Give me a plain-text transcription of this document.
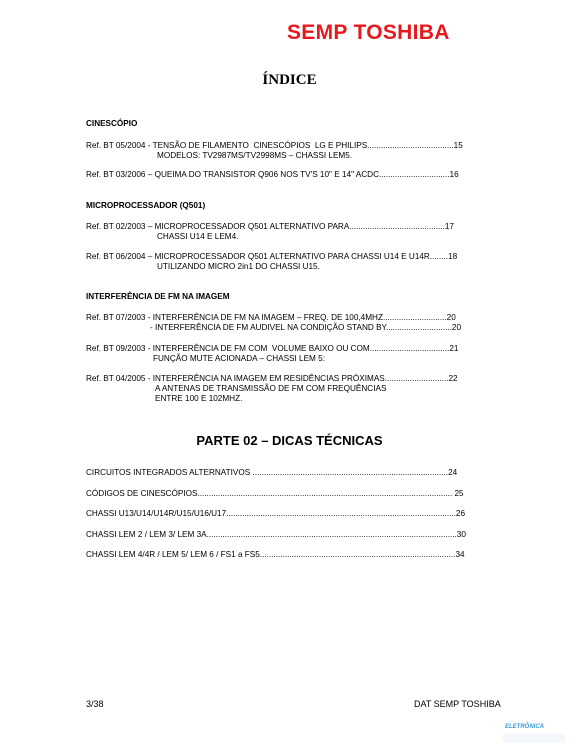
SEMP TOSHIBA
ÍNDICE
CINESCÓPIO
Ref. BT 05/2004 - TENSÃO DE FILAMENTO  CINESCÓPIOS  LG E PHILIPS......................................15
MODELOS: TV2987MS/TV2998MS – CHASSI LEM5.
Ref. BT 03/2006 – QUEIMA DO TRANSISTOR Q906 NOS TV'S 10" E 14" ACDC...............................16
MICROPROCESSADOR (Q501)
Ref. BT 02/2003 – MICROPROCESSADOR Q501 ALTERNATIVO PARA..........................................17
CHASSI U14 E LEM4.
Ref. BT 06/2004 – MICROPROCESSADOR Q501 ALTERNATIVO PARA CHASSI U14 E U14R........18
UTILIZANDO MICRO 2in1 DO CHASSI U15.
INTERFERÊNCIA DE FM NA IMAGEM
Ref. BT 07/2003 - INTERFERÊNCIA DE FM NA IMAGEM – FREQ. DE 100,4MHZ............................20
- INTERFERÊNCIA DE FM AUDIVEL NA CONDIÇÃO STAND BY.............................20
Ref. BT 09/2003 - INTERFERÊNCIA DE FM COM  VOLUME BAIXO OU COM...................................21
FUNÇÃO MUTE ACIONADA – CHASSI LEM 5:
Ref. BT 04/2005 - INTERFERÊNCIA NA IMAGEM EM RESIDÊNCIAS PRÓXIMAS............................22
A ANTENAS DE TRANSMISSÃO DE FM COM FREQUÊNCIAS
ENTRE 100 E 102MHZ.
PARTE 02 – DICAS TÉCNICAS
CIRCUITOS INTEGRADOS ALTERNATIVOS ......................................................................................24
CÓDIGOS DE CINESCÓPIOS................................................................................................................ 25
CHASSI U13/U14/U14R/U15/U16/U17.....................................................................................................26
CHASSI LEM 2 / LEM 3/ LEM 3A..............................................................................................................30
CHASSI LEM 4/4R / LEM 5/ LEM 6 / FS1 a FS5......................................................................................34
3/38	DAT SEMP TOSHIBA
ELETRÔNICA
